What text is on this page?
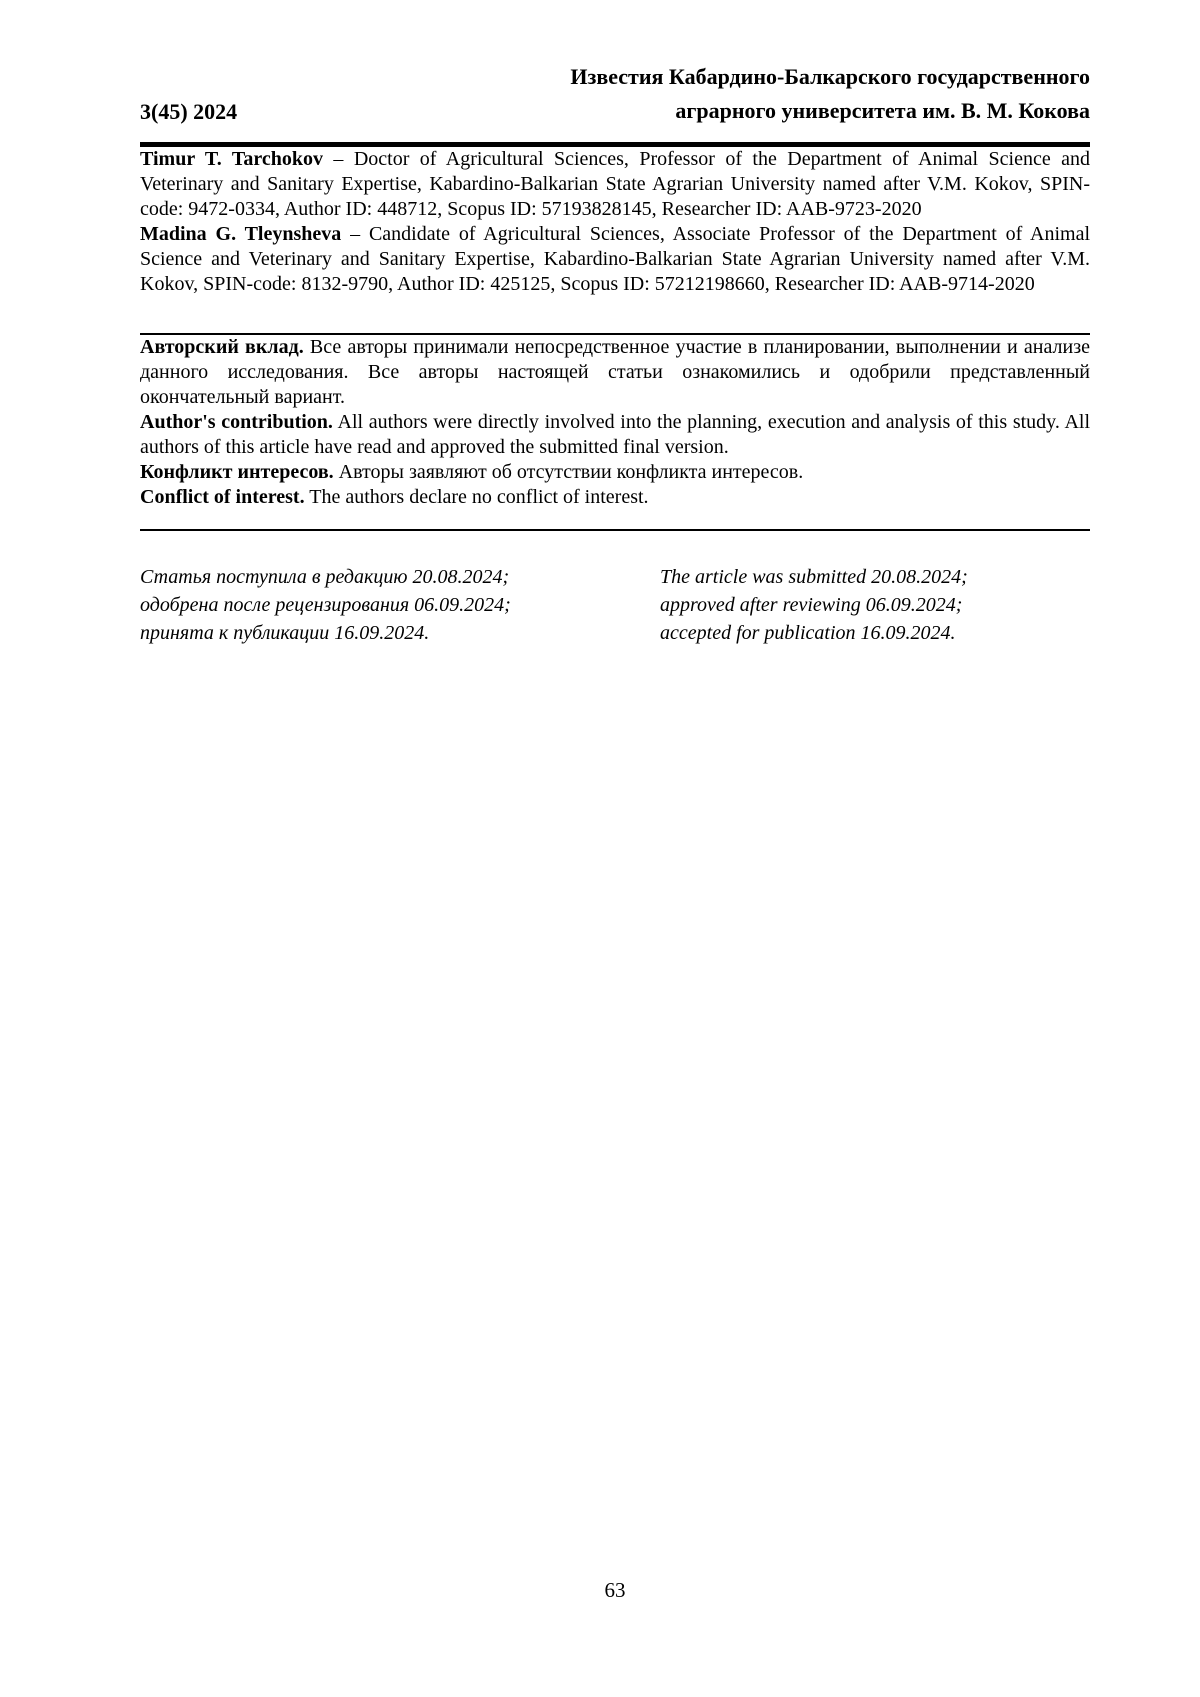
3(45) 2024
Известия Кабардино-Балкарского государственного
аграрного университета им. В. М. Кокова

Timur T. Tarchokov – Doctor of Agricultural Sciences, Professor of the Department of Animal Science and Veterinary and Sanitary Expertise, Kabardino-Balkarian State Agrarian University named after V.M. Kokov, SPIN-code: 9472-0334, Author ID: 448712, Scopus ID: 57193828145, Researcher ID: AAB-9723-2020

Madina G. Tleynsheva – Candidate of Agricultural Sciences, Associate Professor of the Department of Animal Science and Veterinary and Sanitary Expertise, Kabardino-Balkarian State Agrarian University named after V.M. Kokov, SPIN-code: 8132-9790, Author ID: 425125, Scopus ID: 57212198660, Researcher ID: AAB-9714-2020

Авторский вклад. Все авторы принимали непосредственное участие в планировании, выполнении и анализе данного исследования. Все авторы настоящей статьи ознакомились и одобрили представленный окончательный вариант.

Author's contribution. All authors were directly involved into the planning, execution and analysis of this study. All authors of this article have read and approved the submitted final version.

Конфликт интересов. Авторы заявляют об отсутствии конфликта интересов.

Conflict of interest. The authors declare no conflict of interest.

Статья поступила в редакцию 20.08.2024;
одобрена после рецензирования 06.09.2024;
принята к публикации 16.09.2024.
The article was submitted 20.08.2024;
approved after reviewing 06.09.2024;
accepted for publication 16.09.2024.
63
